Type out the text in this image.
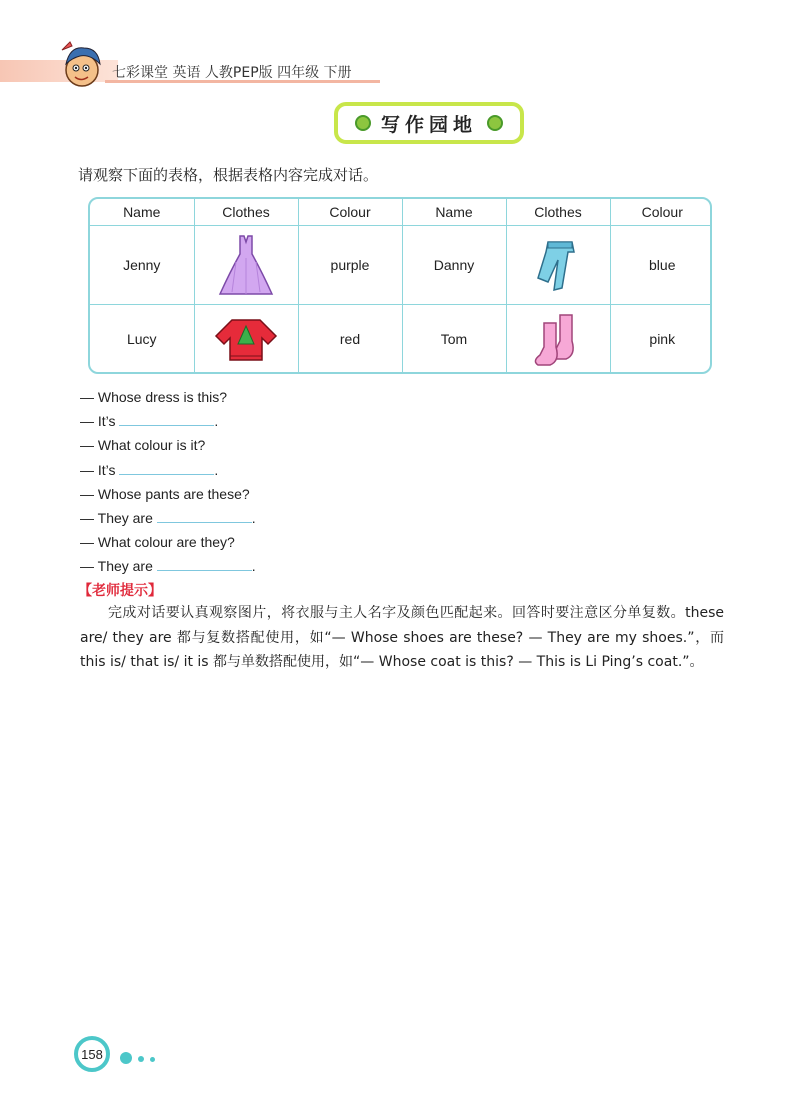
七彩课堂 英语 人教PEP版 四年级 下册
写作园地
请观察下面的表格，根据表格内容完成对话。
Name	Clothes	Colour	Name	Clothes	Colour
Jenny		purple	Danny		blue
Lucy		red	Tom		pink
— Whose dress is this?
— It’s	.
— What colour is it?
— It’s	.
— Whose pants are these?
— They are	.
— What colour are they?
— They are	.
【老师提示】
完成对话要认真观察图片，将衣服与主人名字及颜色匹配起来。回答时要注意区分单复数。these are/ they are 都与复数搭配使用，如“— Whose shoes are these? — They are my shoes.”，而 this is/ that is/ it is 都与单数搭配使用，如“— Whose coat is this? — This is Li Ping’s coat.”。
158
